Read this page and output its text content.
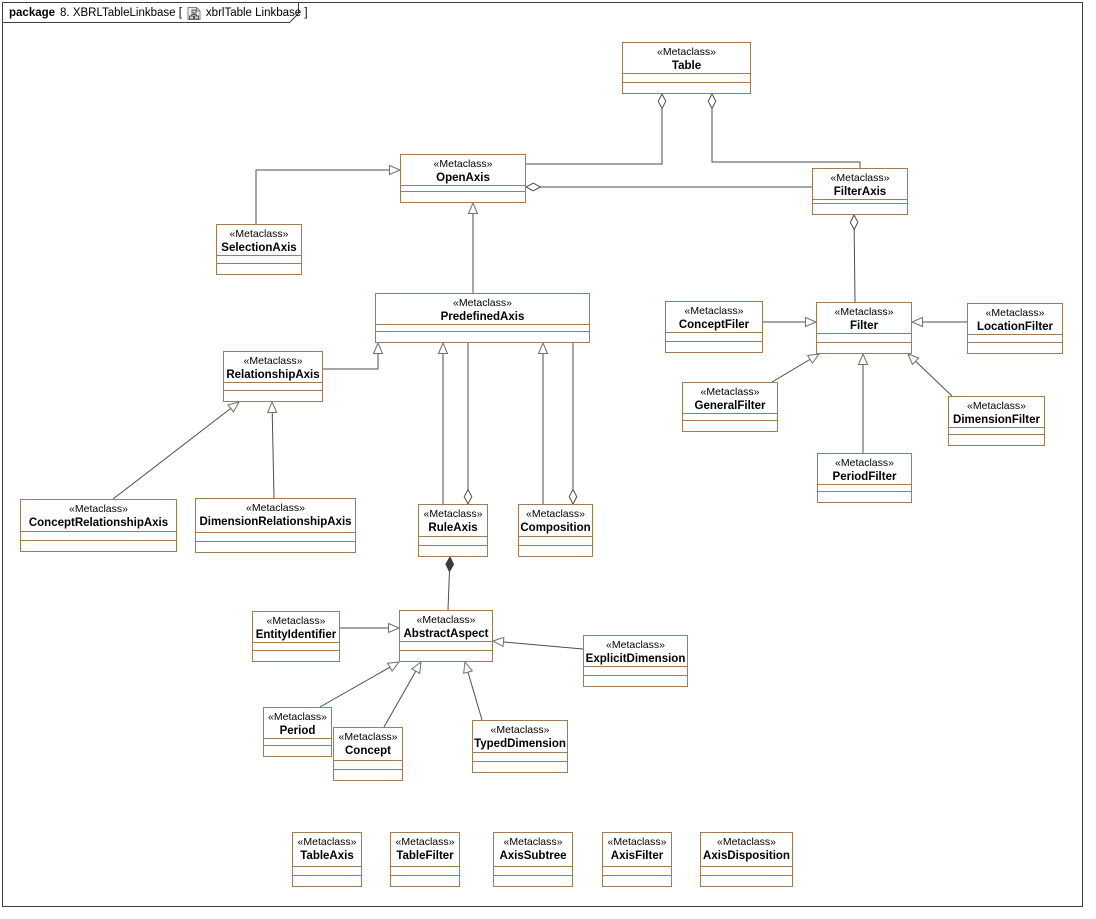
package 8. XBRLTableLinkbase [ xbrlTable Linkbase ]
«Metaclass»
Table
«Metaclass»
OpenAxis	«Metaclass»
FilterAxis
«Metaclass»
SelectionAxis
«Metaclass»
PredefinedAxis
«Metaclass»
RelationshipAxis
«Metaclass»
ConceptRelationshipAxis
«Metaclass»
DimensionRelationshipAxis
«Metaclass»
RuleAxis
«Metaclass»
Composition
«Metaclass»
ConceptFiler
«Metaclass»
Filter
«Metaclass»
LocationFilter
«Metaclass»
GeneralFilter
«Metaclass»
PeriodFilter
«Metaclass»
DimensionFilter
«Metaclass»
EntityIdentifier
«Metaclass»
AbstractAspect
«Metaclass»
ExplicitDimension
«Metaclass»
Period «Metaclass»
Concept
«Metaclass»
TypedDimension
«Metaclass»
TableAxis
«Metaclass»
TableFilter
«Metaclass»
AxisSubtree
«Metaclass»
AxisFilter
«Metaclass»
AxisDisposition
